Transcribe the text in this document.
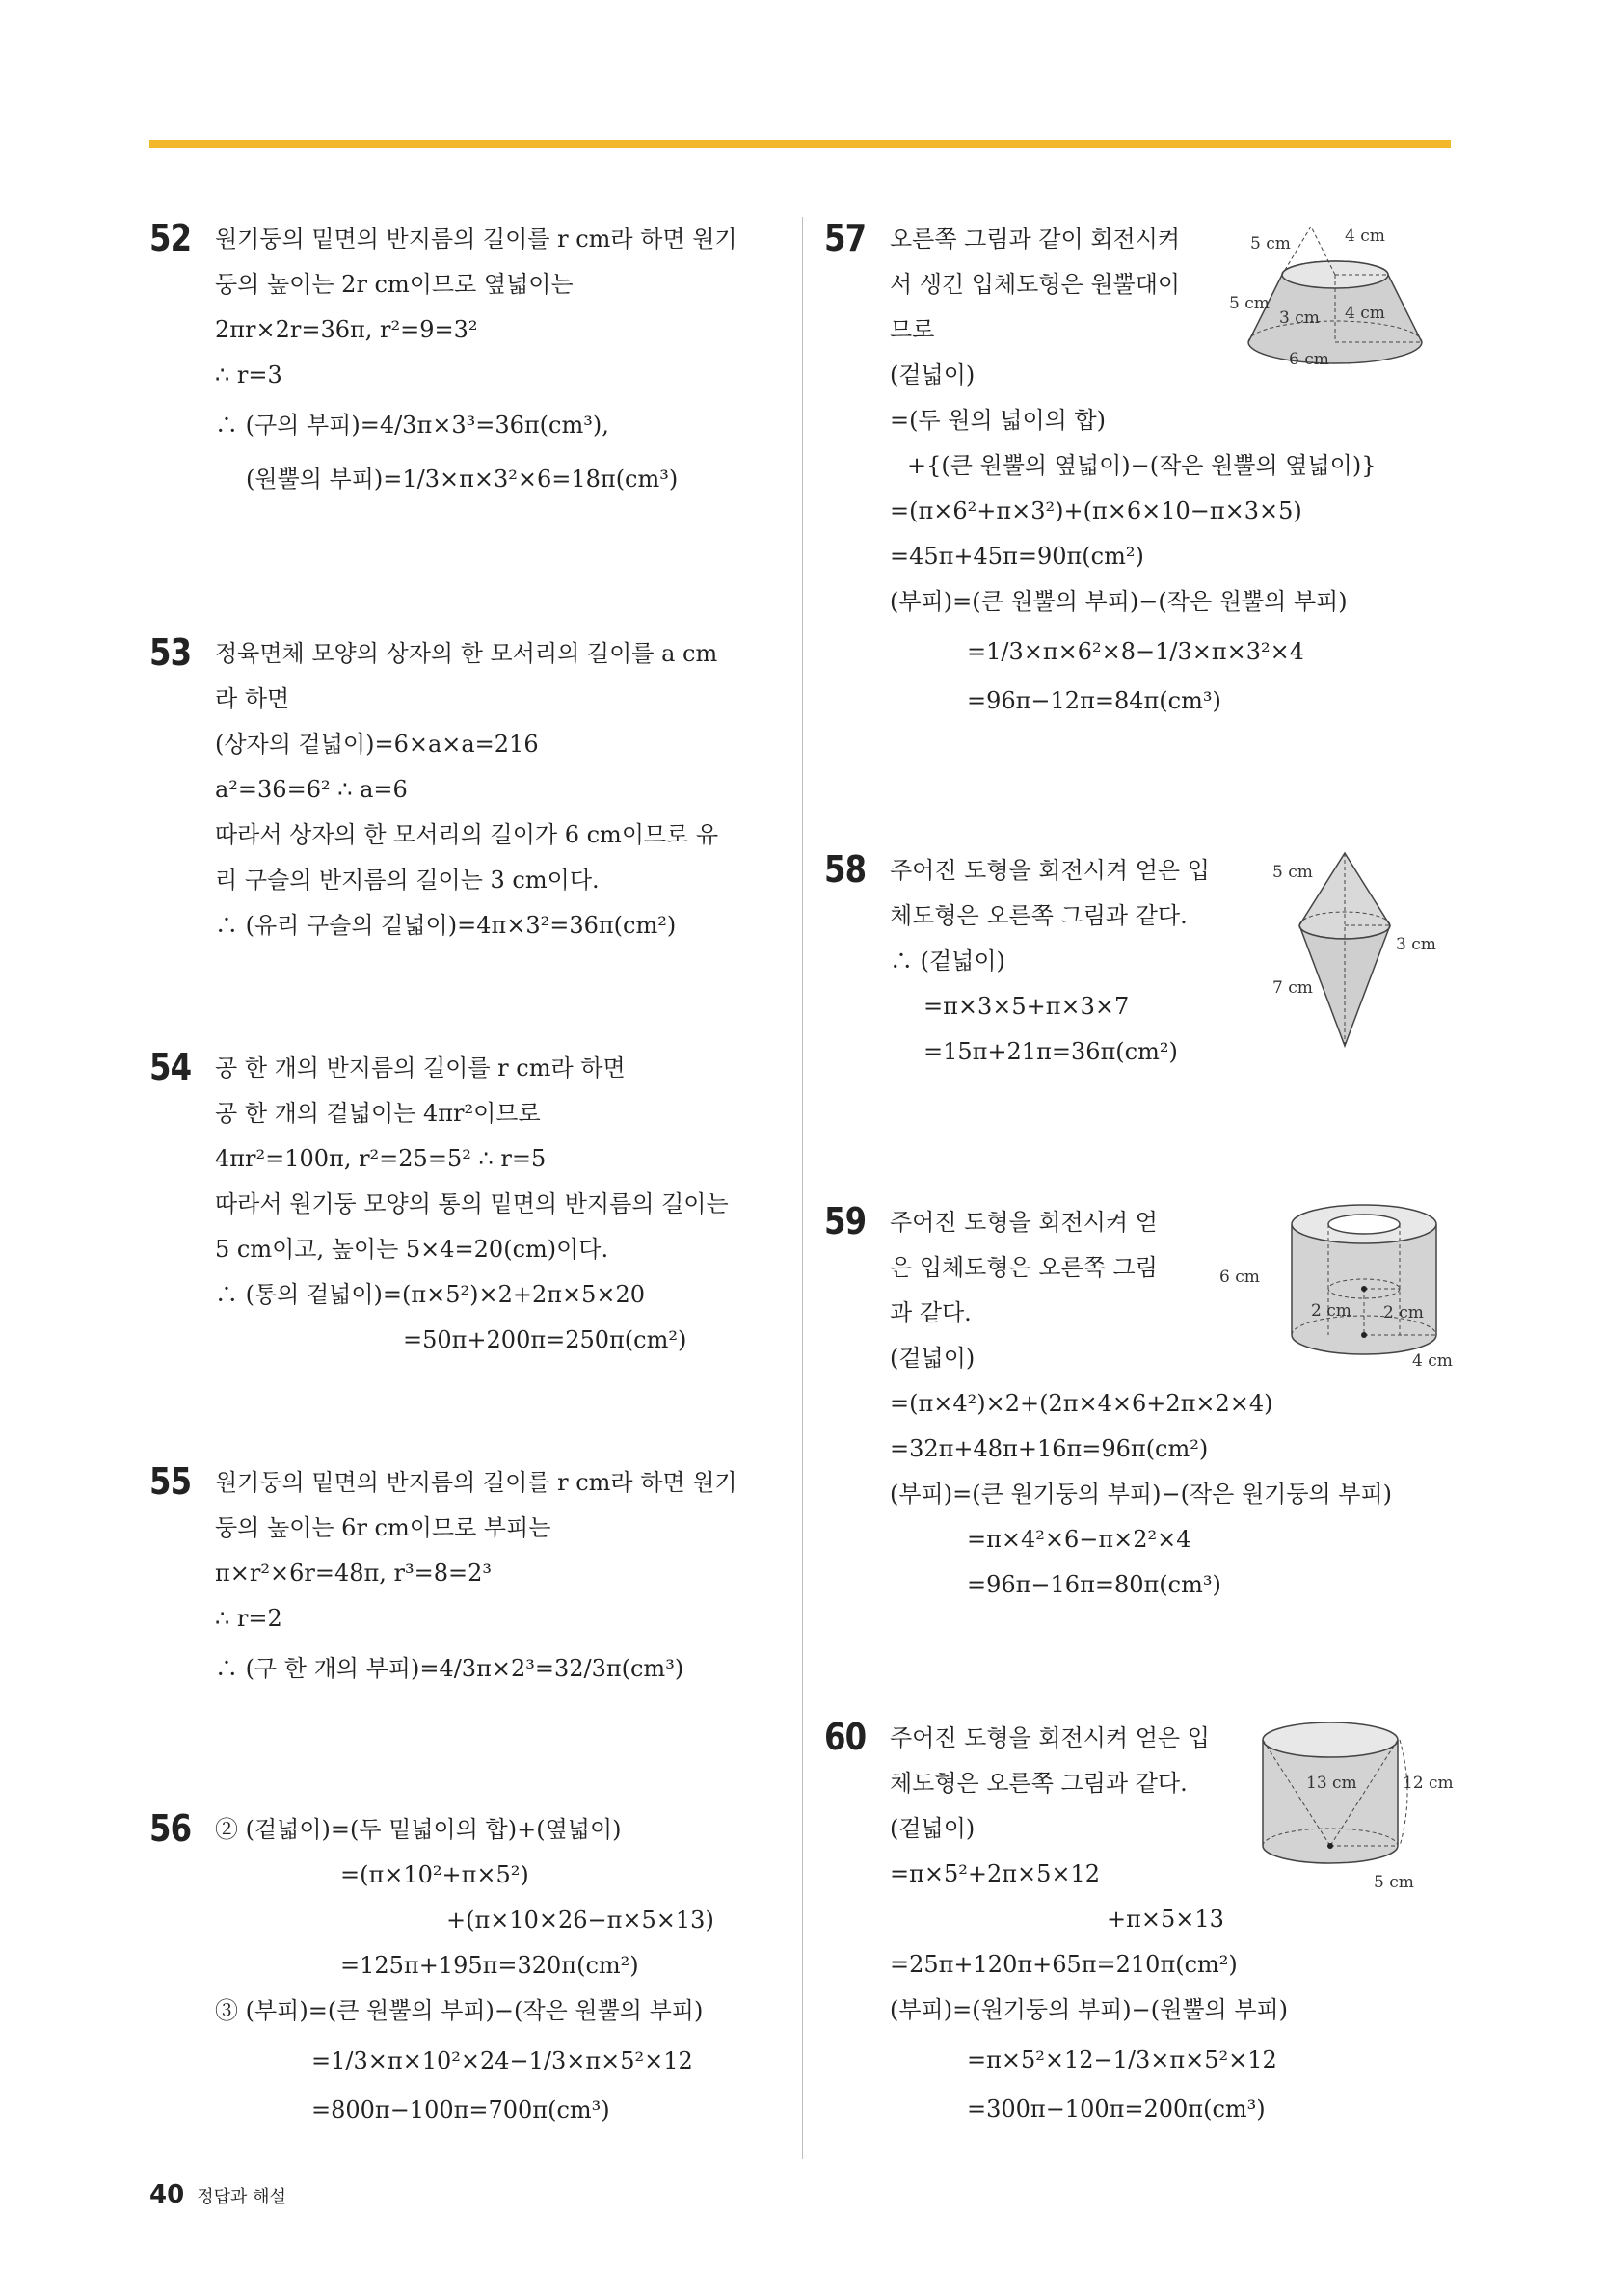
52 원기둥의 밑면의 반지름의 길이를 r cm라 하면 원기
둥의 높이는 2r cm이므로 옆넓이는
2πr×2r=36π, r²=9=3²
∴ r=3
∴ (구의 부피)=4/3π×3³=36π(cm³),
(원뿔의 부피)=1/3×π×3²×6=18π(cm³)
53 정육면체 모양의 상자의 한 모서리의 길이를 a cm
라 하면
(상자의 겉넓이)=6×a×a=216
a²=36=6² ∴ a=6
따라서 상자의 한 모서리의 길이가 6 cm이므로 유
리 구슬의 반지름의 길이는 3 cm이다.
∴ (유리 구슬의 겉넓이)=4π×3²=36π(cm²)
54 공 한 개의 반지름의 길이를 r cm라 하면
공 한 개의 겉넓이는 4πr²이므로
4πr²=100π, r²=25=5² ∴ r=5
따라서 원기둥 모양의 통의 밑면의 반지름의 길이는
5 cm이고, 높이는 5×4=20(cm)이다.
∴ (통의 겉넓이)=(π×5²)×2+2π×5×20
=50π+200π=250π(cm²)
55 원기둥의 밑면의 반지름의 길이를 r cm라 하면 원기
둥의 높이는 6r cm이므로 부피는
π×r²×6r=48π, r³=8=2³
∴ r=2
∴ (구 한 개의 부피)=4/3π×2³=32/3π(cm³)
56 ② (겉넓이)=(두 밑넓이의 합)+(옆넓이)
=(π×10²+π×5²)
+(π×10×26−π×5×13)
=125π+195π=320π(cm²)
③ (부피)=(큰 원뿔의 부피)−(작은 원뿔의 부피)
=1/3×π×10²×24−1/3×π×5²×12
=800π−100π=700π(cm³)
57 오른쪽 그림과 같이 회전시켜
서 생긴 입체도형은 원뿔대이
므로
(겉넓이)
=(두 원의 넓이의 합)
+{(큰 원뿔의 옆넓이)−(작은 원뿔의 옆넓이)}
=(π×6²+π×3²)+(π×6×10−π×3×5)
=45π+45π=90π(cm²)
(부피)=(큰 원뿔의 부피)−(작은 원뿔의 부피)
=1/3×π×6²×8−1/3×π×3²×4
=96π−12π=84π(cm³)
5 cm	4 cm
5 cm
3 cm 4 cm
6 cm
58 주어진 도형을 회전시켜 얻은 입
체도형은 오른쪽 그림과 같다.
∴ (겉넓이)
=π×3×5+π×3×7
=15π+21π=36π(cm²)
5 cm
3 cm
7 cm
59 주어진 도형을 회전시켜 얻
은 입체도형은 오른쪽 그림
과 같다.
(겉넓이)
=(π×4²)×2+(2π×4×6+2π×2×4)
=32π+48π+16π=96π(cm²)
(부피)=(큰 원기둥의 부피)−(작은 원기둥의 부피)
=π×4²×6−π×2²×4
=96π−16π=80π(cm³)
6 cm
2 cm 2 cm
4 cm
60 주어진 도형을 회전시켜 얻은 입
체도형은 오른쪽 그림과 같다.
(겉넓이)
=π×5²+2π×5×12
+π×5×13
=25π+120π+65π=210π(cm²)
(부피)=(원기둥의 부피)−(원뿔의 부피)
=π×5²×12−1/3×π×5²×12
=300π−100π=200π(cm³)
13 cm	12 cm
5 cm
40 정답과 해설
